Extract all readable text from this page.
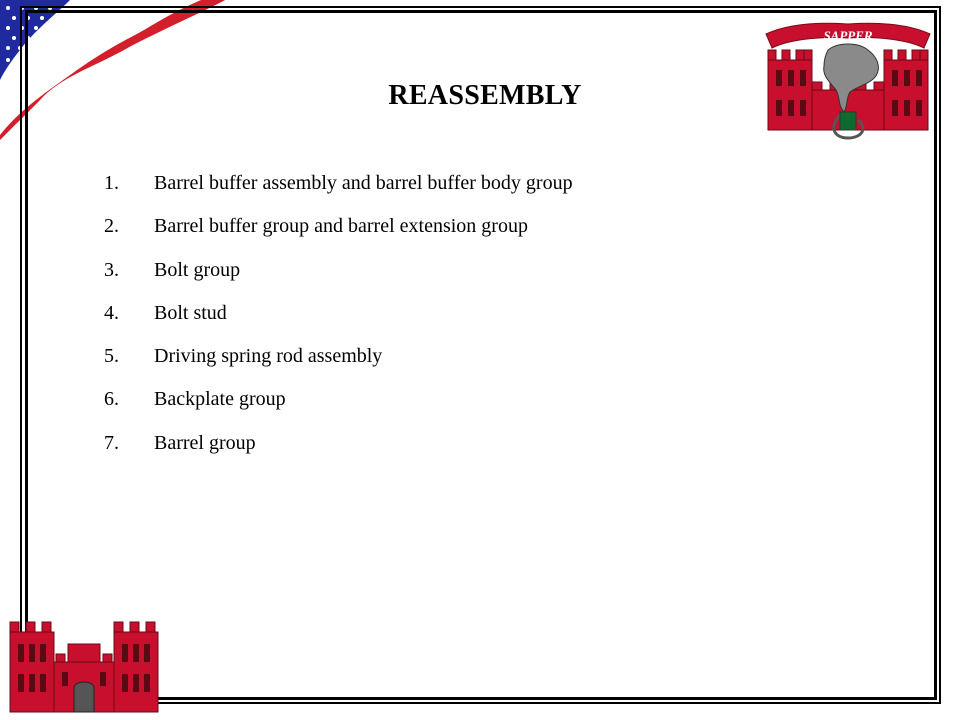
REASSEMBLY
1.	Barrel buffer assembly and barrel buffer body group
2.	Barrel buffer group and barrel extension group
3.	Bolt group
4.	Bolt stud
5.	Driving spring rod assembly
6.	Backplate group
7.	Barrel group
SAPPER
